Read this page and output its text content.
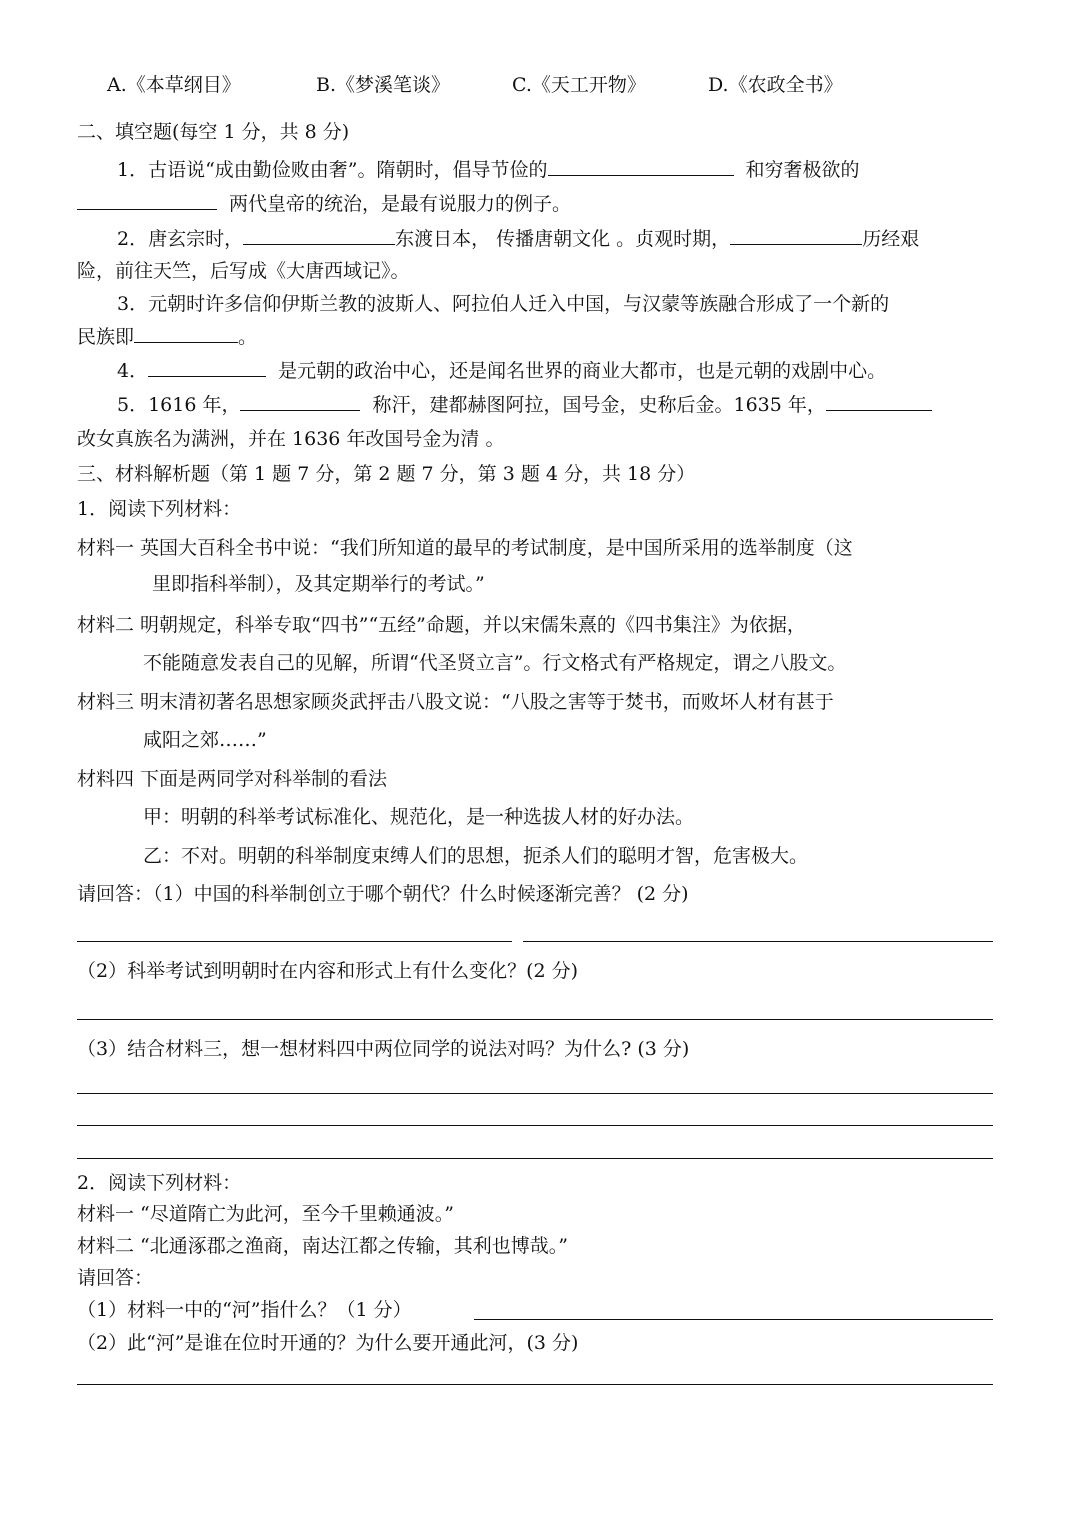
A.《本草纲目》	B.《梦溪笔谈》	C.《天工开物》	D.《农政全书》
二、填空题(每空 1 分，共 8 分)
1．古语说“成由勤俭败由奢”。隋朝时，倡导节俭的	和穷奢极欲的
两代皇帝的统治，是最有说服力的例子。
2．唐玄宗时，	东渡日本， 传播唐朝文化 。贞观时期，	历经艰
险，前往天竺，后写成《大唐西域记》。
3．元朝时许多信仰伊斯兰教的波斯人、阿拉伯人迁入中国，与汉蒙等族融合形成了一个新的
民族即	。
4．	是元朝的政治中心，还是闻名世界的商业大都市，也是元朝的戏剧中心。
5．1616 年，	称汗，建都赫图阿拉，国号金，史称后金。1635 年，
改女真族名为满洲，并在 1636 年改国号金为清 。
三、材料解析题（第 1 题 7 分，第 2 题 7 分，第 3 题 4 分，共 18 分）
1．阅读下列材料：
材料一 英国大百科全书中说：“我们所知道的最早的考试制度，是中国所采用的选举制度（这
里即指科举制），及其定期举行的考试。”
材料二 明朝规定，科举专取“四书”“五经”命题，并以宋儒朱熹的《四书集注》为依据，
不能随意发表自己的见解，所谓“代圣贤立言”。行文格式有严格规定，谓之八股文。
材料三 明末清初著名思想家顾炎武抨击八股文说：“八股之害等于焚书，而败坏人材有甚于
咸阳之郊……”
材料四 下面是两同学对科举制的看法
甲：明朝的科举考试标准化、规范化，是一种选拔人材的好办法。
乙：不对。明朝的科举制度束缚人们的思想，扼杀人们的聪明才智，危害极大。
请回答：（1）中国的科举制创立于哪个朝代？什么时候逐渐完善？ (2 分)
（2）科举考试到明朝时在内容和形式上有什么变化？(2 分)
（3）结合材料三，想一想材料四中两位同学的说法对吗？为什么? (3 分)
2．阅读下列材料：
材料一 “尽道隋亡为此河，至今千里赖通波。”
材料二 “北通涿郡之渔商，南达江都之传输，其利也博哉。”
请回答：
（1）材料一中的“河”指什么？（1 分）
（2）此“河”是谁在位时开通的？为什么要开通此河，(3 分)
